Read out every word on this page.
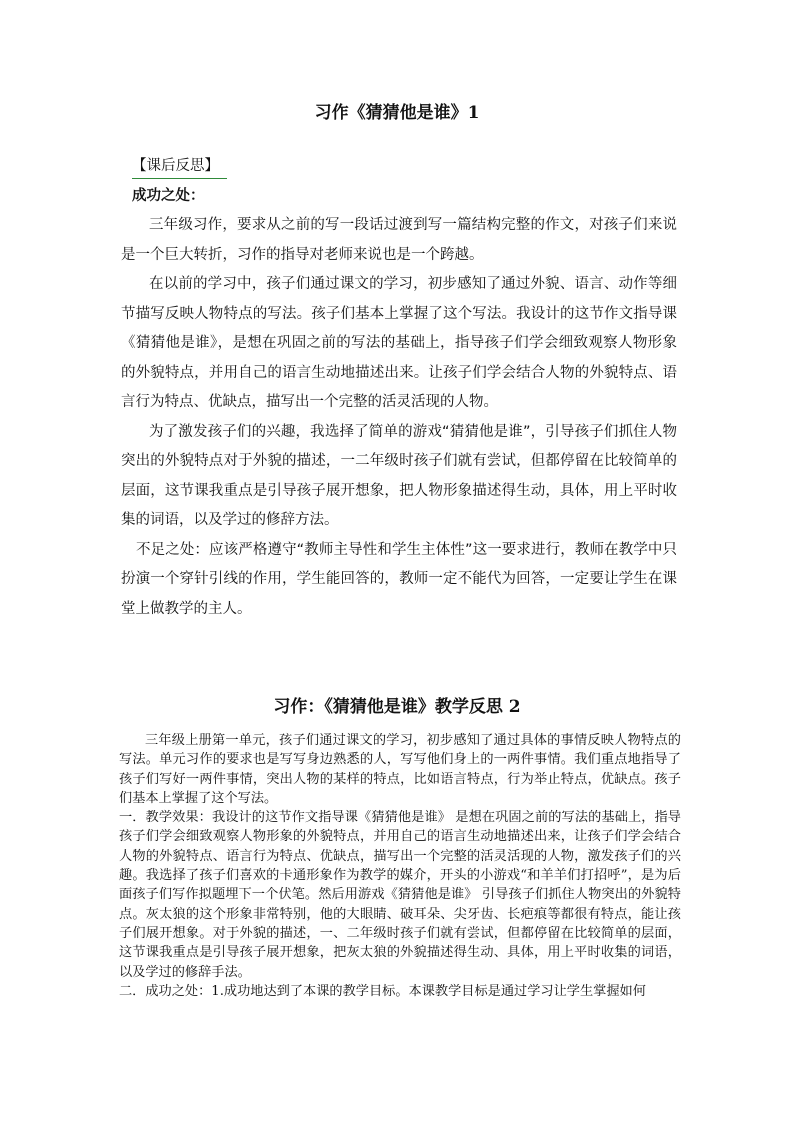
习作《猜猜他是谁》1
【课后反思】
成功之处：

三年级习作，要求从之前的写一段话过渡到写一篇结构完整的作文，对孩子们来说是一个巨大转折，习作的指导对老师来说也是一个跨越。

在以前的学习中，孩子们通过课文的学习，初步感知了通过外貌、语言、动作等细节描写反映人物特点的写法。孩子们基本上掌握了这个写法。我设计的这节作文指导课《猜猜他是谁》，是想在巩固之前的写法的基础上，指导孩子们学会细致观察人物形象的外貌特点，并用自己的语言生动地描述出来。让孩子们学会结合人物的外貌特点、语言行为特点、优缺点，描写出一个完整的活灵活现的人物。

为了激发孩子们的兴趣，我选择了简单的游戏“猜猜他是谁”，引导孩子们抓住人物突出的外貌特点对于外貌的描述，一二年级时孩子们就有尝试，但都停留在比较简单的层面，这节课我重点是引导孩子展开想象，把人物形象描述得生动，具体，用上平时收集的词语，以及学过的修辞方法。

不足之处：应该严格遵守“教师主导性和学生主体性”这一要求进行，教师在教学中只扮演一个穿针引线的作用，学生能回答的，教师一定不能代为回答，一定要让学生在课堂上做教学的主人。

习作：《猜猜他是谁》教学反思 2

三年级上册第一单元，孩子们通过课文的学习，初步感知了通过具体的事情反映人物特点的写法。单元习作的要求也是写写身边熟悉的人，写写他们身上的一两件事情。我们重点地指导了孩子们写好一两件事情，突出人物的某样的特点，比如语言特点，行为举止特点，优缺点。孩子们基本上掌握了这个写法。

一．教学效果：我设计的这节作文指导课《猜猜他是谁》 是想在巩固之前的写法的基础上，指导孩子们学会细致观察人物形象的外貌特点，并用自己的语言生动地描述出来，让孩子们学会结合人物的外貌特点、语言行为特点、优缺点，描写出一个完整的活灵活现的人物，激发孩子们的兴趣。我选择了孩子们喜欢的卡通形象作为教学的媒介，开头的小游戏“和羊羊们打招呼”，是为后面孩子们写作拟题埋下一个伏笔。然后用游戏《猜猜他是谁》 引导孩子们抓住人物突出的外貌特点。灰太狼的这个形象非常特别，他的大眼睛、破耳朵、尖牙齿、长疤痕等都很有特点，能让孩子们展开想象。对于外貌的描述，一、二年级时孩子们就有尝试，但都停留在比较简单的层面，这节课我重点是引导孩子展开想象，把灰太狼的外貌描述得生动、具体，用上平时收集的词语，以及学过的修辞手法。

二．成功之处：1.成功地达到了本课的教学目标。本课教学目标是通过学习让学生掌握如何
